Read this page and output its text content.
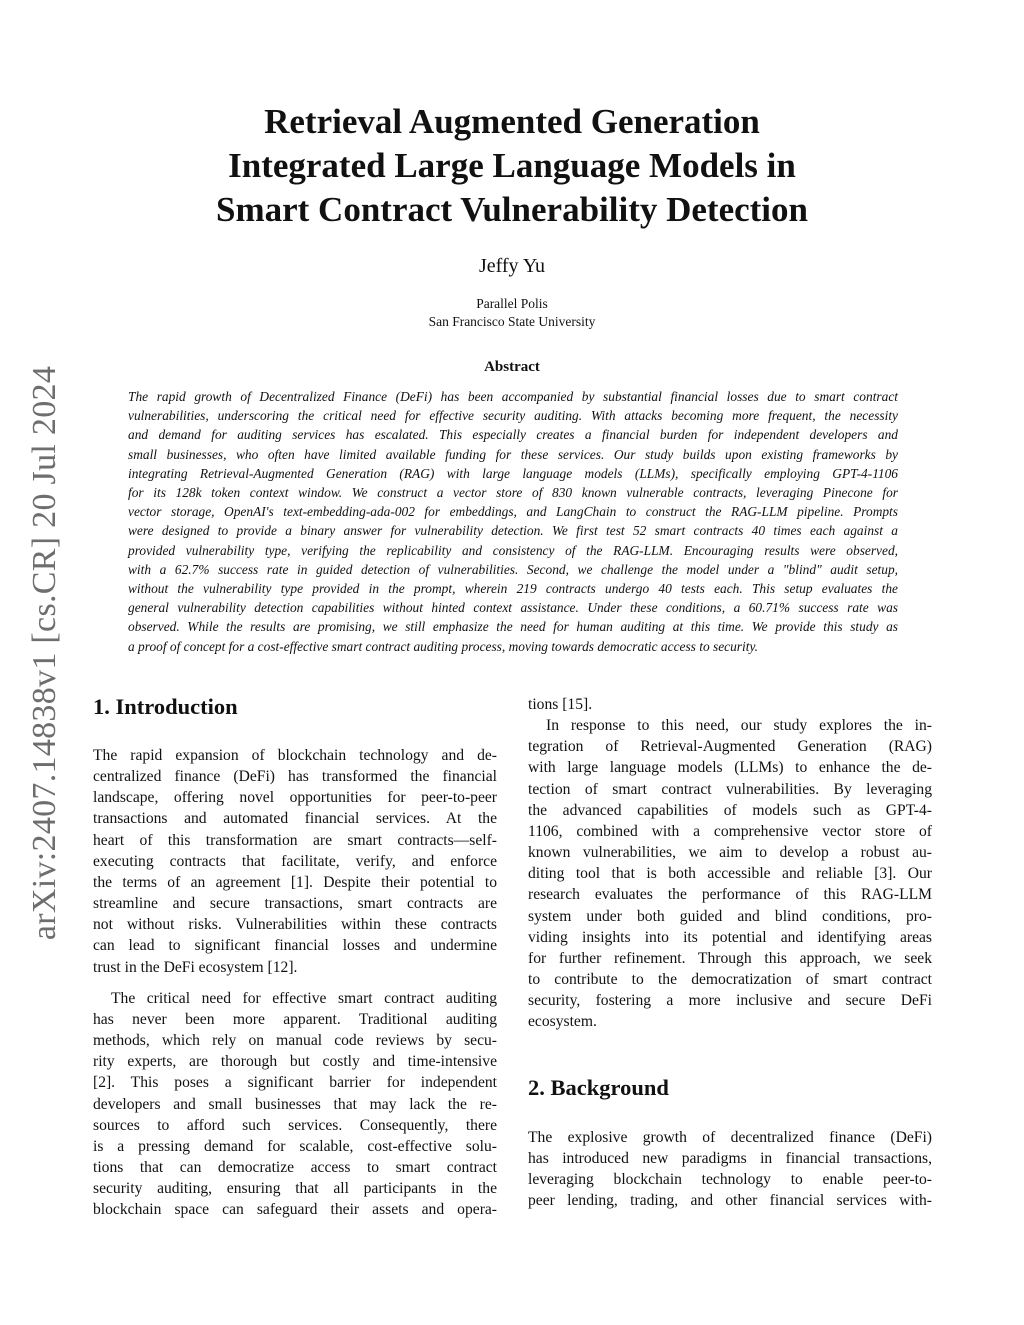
arXiv:2407.14838v1 [cs.CR] 20 Jul 2024
Retrieval Augmented Generation
Integrated Large Language Models in
Smart Contract Vulnerability Detection
Jeffy Yu
Parallel Polis
San Francisco State University
Abstract
The rapid growth of Decentralized Finance (DeFi) has been accompanied by substantial financial losses due to smart contract
vulnerabilities, underscoring the critical need for effective security auditing. With attacks becoming more frequent, the necessity
and demand for auditing services has escalated. This especially creates a financial burden for independent developers and
small businesses, who often have limited available funding for these services. Our study builds upon existing frameworks by
integrating Retrieval-Augmented Generation (RAG) with large language models (LLMs), specifically employing GPT-4-1106
for its 128k token context window. We construct a vector store of 830 known vulnerable contracts, leveraging Pinecone for
vector storage, OpenAI's text-embedding-ada-002 for embeddings, and LangChain to construct the RAG-LLM pipeline. Prompts
were designed to provide a binary answer for vulnerability detection. We first test 52 smart contracts 40 times each against a
provided vulnerability type, verifying the replicability and consistency of the RAG-LLM. Encouraging results were observed,
with a 62.7% success rate in guided detection of vulnerabilities. Second, we challenge the model under a "blind" audit setup,
without the vulnerability type provided in the prompt, wherein 219 contracts undergo 40 tests each. This setup evaluates the
general vulnerability detection capabilities without hinted context assistance. Under these conditions, a 60.71% success rate was
observed. While the results are promising, we still emphasize the need for human auditing at this time. We provide this study as
a proof of concept for a cost-effective smart contract auditing process, moving towards democratic access to security.
1. Introduction
The rapid expansion of blockchain technology and de-
centralized finance (DeFi) has transformed the financial
landscape, offering novel opportunities for peer-to-peer
transactions and automated financial services. At the
heart of this transformation are smart contracts—self-
executing contracts that facilitate, verify, and enforce
the terms of an agreement [1]. Despite their potential to
streamline and secure transactions, smart contracts are
not without risks. Vulnerabilities within these contracts
can lead to significant financial losses and undermine
trust in the DeFi ecosystem [12].
The critical need for effective smart contract auditing
has never been more apparent. Traditional auditing
methods, which rely on manual code reviews by secu-
rity experts, are thorough but costly and time-intensive
[2]. This poses a significant barrier for independent
developers and small businesses that may lack the re-
sources to afford such services. Consequently, there
is a pressing demand for scalable, cost-effective solu-
tions that can democratize access to smart contract
security auditing, ensuring that all participants in the
blockchain space can safeguard their assets and opera-
tions [15].
In response to this need, our study explores the in-
tegration of Retrieval-Augmented Generation (RAG)
with large language models (LLMs) to enhance the de-
tection of smart contract vulnerabilities. By leveraging
the advanced capabilities of models such as GPT-4-
1106, combined with a comprehensive vector store of
known vulnerabilities, we aim to develop a robust au-
diting tool that is both accessible and reliable [3]. Our
research evaluates the performance of this RAG-LLM
system under both guided and blind conditions, pro-
viding insights into its potential and identifying areas
for further refinement. Through this approach, we seek
to contribute to the democratization of smart contract
security, fostering a more inclusive and secure DeFi
ecosystem.
2. Background
The explosive growth of decentralized finance (DeFi)
has introduced new paradigms in financial transactions,
leveraging blockchain technology to enable peer-to-
peer lending, trading, and other financial services with-
